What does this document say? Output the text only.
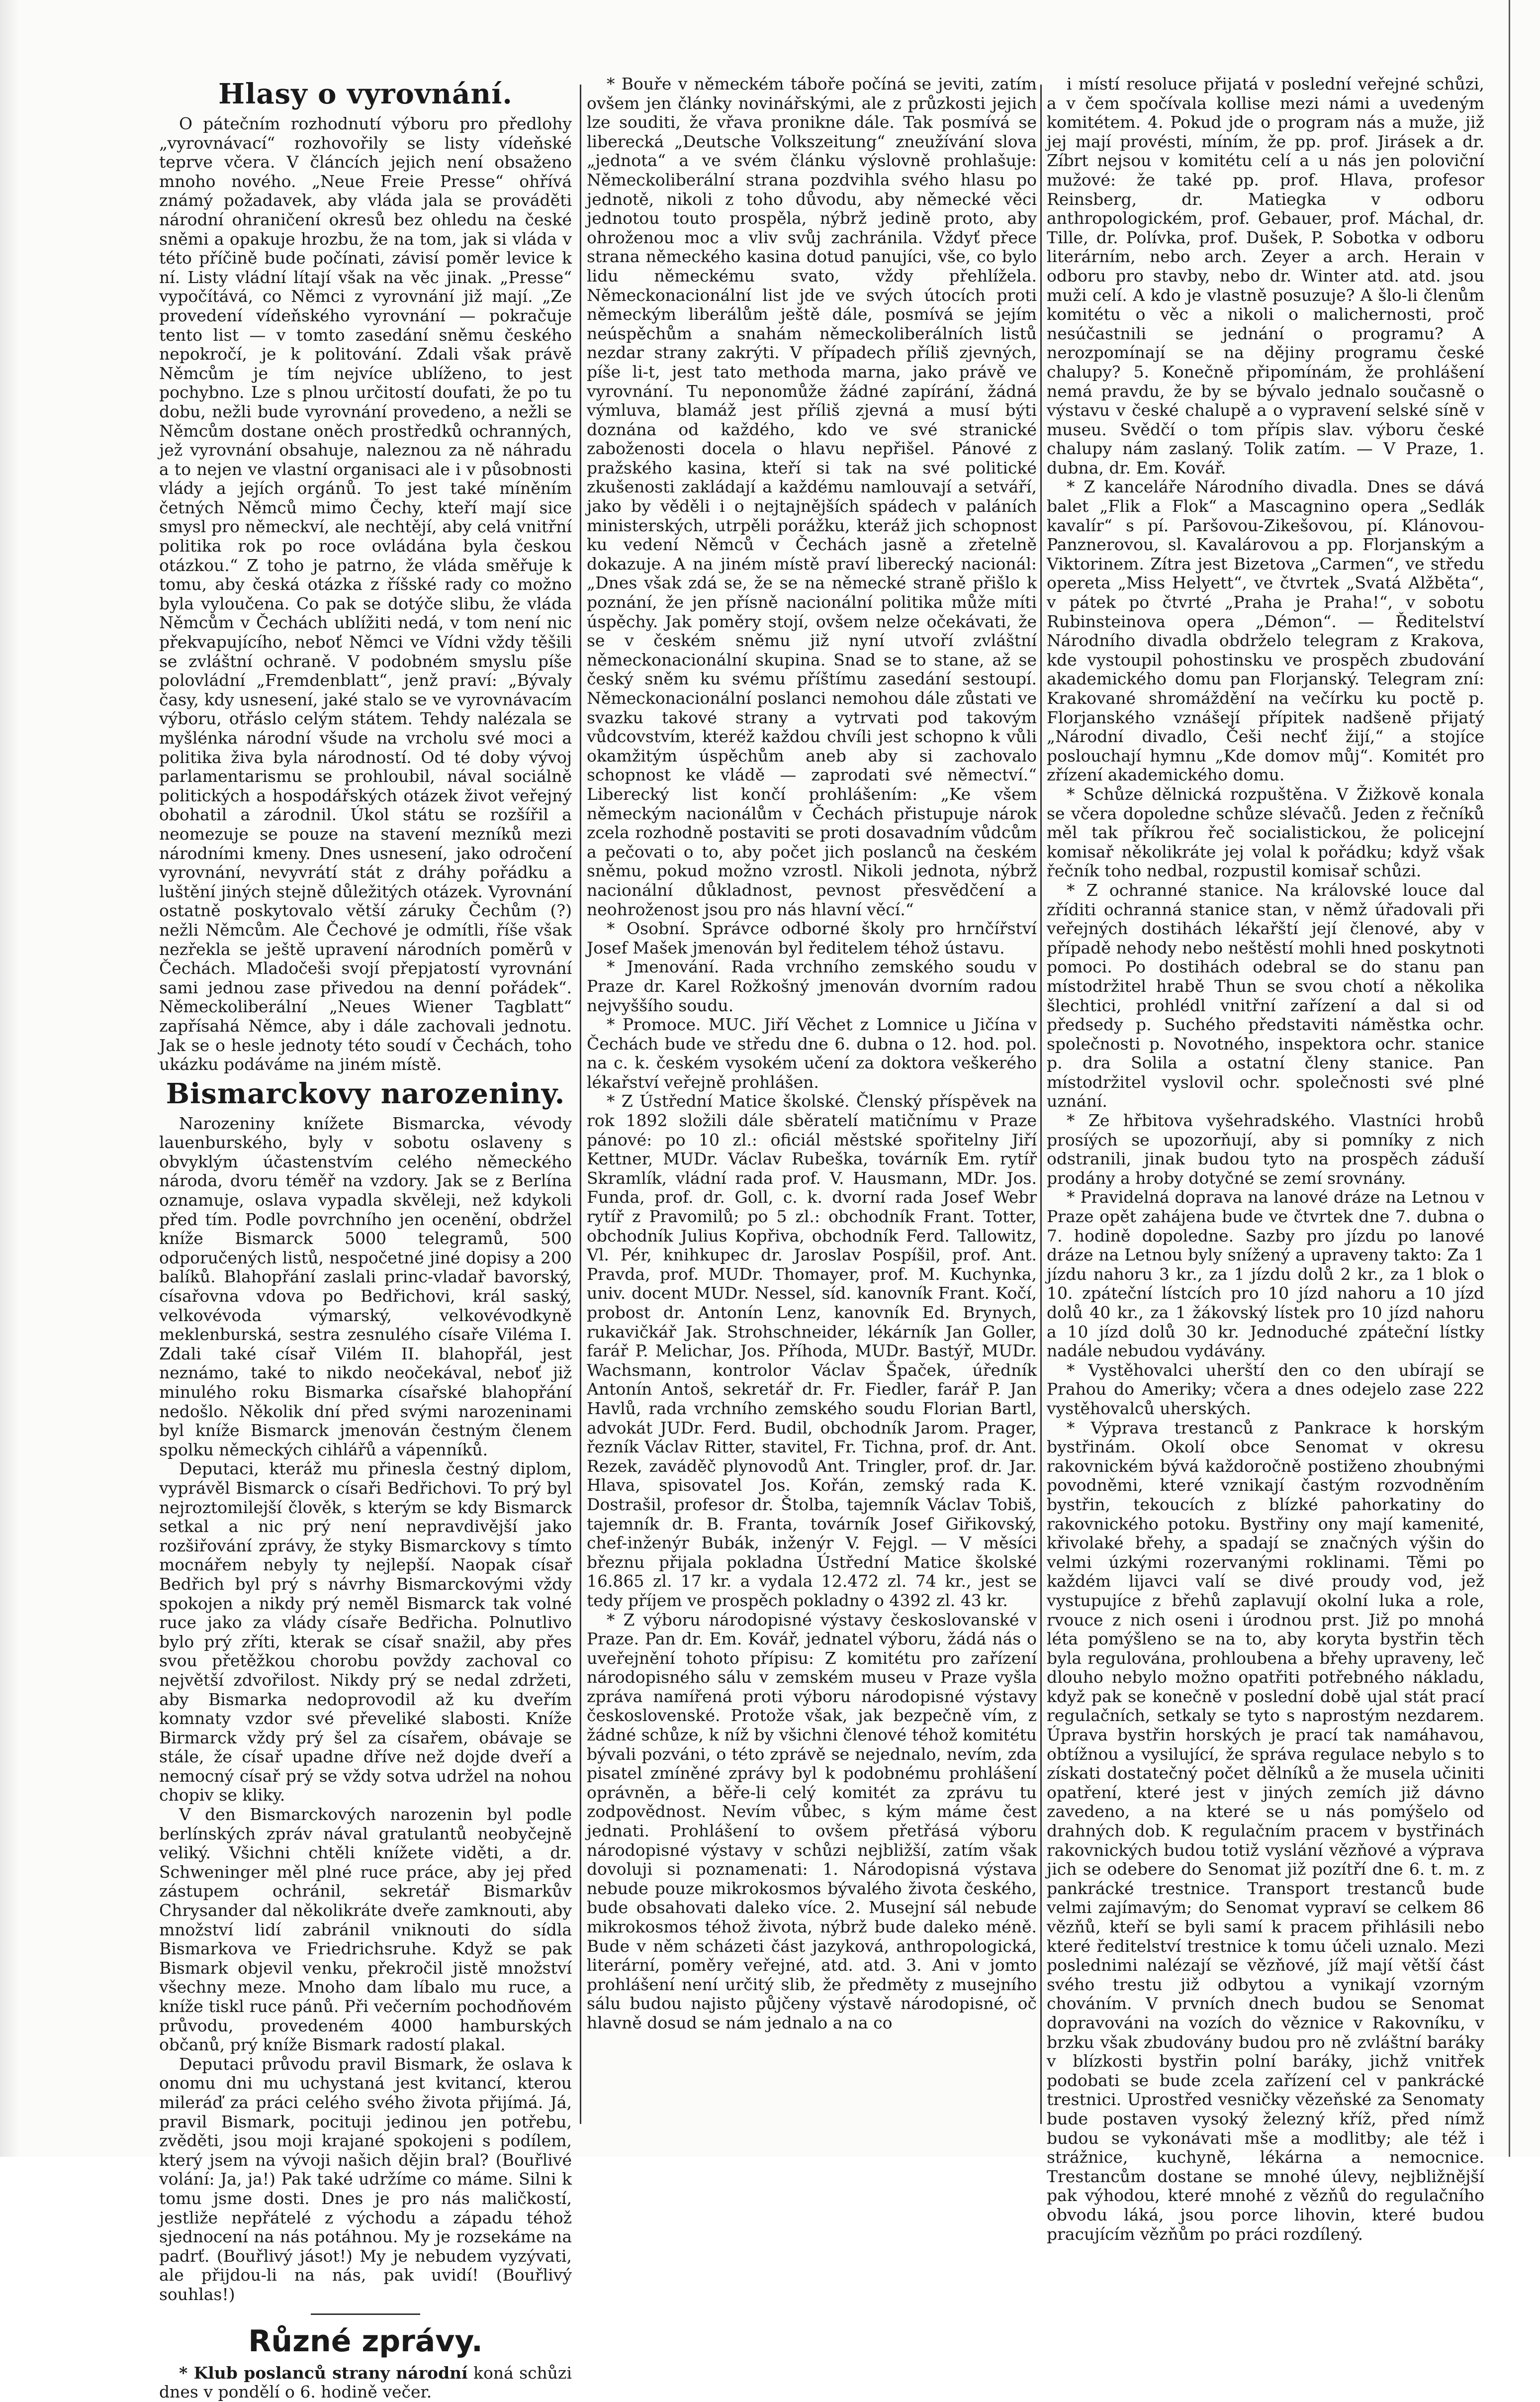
Hlasy o vyrovnání.

O pátečním rozhodnutí výboru pro předlohy „vyrovnávací“ rozhovořily se listy vídeňské teprve včera. V článcích jejich není obsaženo mnoho nového. „Neue Freie Presse“ ohřívá známý požadavek, aby vláda jala se prováděti národní ohraničení okresů bez ohledu na české sněmi a opakuje hrozbu, že na tom, jak si vláda v této příčině bude počínati, závisí poměr levice k ní. Listy vládní lítají však na věc jinak. „Presse“ vypočítává, co Němci z vyrovnání již mají. „Ze provedení vídeňského vyrovnání — pokračuje tento list — v tomto zasedání sněmu českého nepokročí, je k politování. Zdali však právě Němcům je tím nejvíce ublíženo, to jest pochybno. Lze s plnou určitostí doufati, že po tu dobu, nežli bude vyrovnání provedeno, a nežli se Němcům dostane oněch prostředků ochranných, jež vyrovnání obsahuje, naleznou za ně náhradu a to nejen ve vlastní organisaci ale i v působnosti vlády a jejích orgánů. To jest také míněním četných Němců mimo Čechy, kteří mají sice smysl pro německví, ale nechtějí, aby celá vnitřní politika rok po roce ovládána byla českou otázkou.“ Z toho je patrno, že vláda směřuje k tomu, aby česká otázka z říšské rady co možno byla vyloučena. Co pak se dotýče slibu, že vláda Němcům v Čechách ublížiti nedá, v tom není nic překvapujícího, neboť Němci ve Vídni vždy těšili se zvláštní ochraně. V podobném smyslu píše polovládní „Fremdenblatt“, jenž praví: „Bývaly časy, kdy usnesení, jaké stalo se ve vyrovnávacím výboru, otřáslo celým státem. Tehdy nalézala se myšlénka národní všude na vrcholu své moci a politika živa byla národností. Od té doby vývoj parlamentarismu se prohloubil, nával sociálně politických a hospodářských otázek život veřejný obohatil a zárodnil. Úkol státu se rozšířil a neomezuje se pouze na stavení mezníků mezi národními kmeny. Dnes usnesení, jako odročení vyrovnání, nevyvrátí stát z dráhy pořádku a luštění jiných stejně důležitých otázek. Vyrovnání ostatně poskytovalo větší záruky Čechům (?) nežli Němcům. Ale Čechové je odmítli, říše však nezřekla se ještě upravení národních poměrů v Čechách. Mladočeši svojí přepjatostí vyrovnání sami jednou zase přivedou na denní pořádek“. Německoliberální „Neues Wiener Tagblatt“ zapřísahá Němce, aby i dále zachovali jednotu. Jak se o hesle jednoty této soudí v Čechách, toho ukázku podáváme na jiném místě.

Bismarckovy narozeniny.

Narozeniny knížete Bismarcka, vévody lauenburského, byly v sobotu oslaveny s obvyklým účastenstvím celého německého národa, dvoru téměř na vzdory. Jak se z Berlína oznamuje, oslava vypadla skvěleji, než kdykoli před tím. Podle povrchního jen ocenění, obdržel kníže Bismarck 5000 telegramů, 500 odporučených listů, nespočetné jiné dopisy a 200 balíků. Blahopřání zaslali princ-vladař bavorský, císařovna vdova po Bedřichovi, král saský, velkovévoda výmarský, velkovévodkyně meklenburská, sestra zesnulého císaře Viléma I. Zdali také císař Vilém II. blahopřál, jest neznámo, také to nikdo neočekával, neboť již minulého roku Bismarka císařské blahopřání nedošlo. Několik dní před svými narozeninami byl kníže Bismarck jmenován čestným členem spolku německých cihlářů a vápenníků.

Deputaci, kteráž mu přinesla čestný diplom, vyprávěl Bismarck o císaři Bedřichovi. To prý byl nejroztomilejší člověk, s kterým se kdy Bismarck setkal a nic prý není nepravdivější jako rozšiřování zprávy, že styky Bismarckovy s tímto mocnářem nebyly ty nejlepší. Naopak císař Bedřich byl prý s návrhy Bismarckovými vždy spokojen a nikdy prý neměl Bismarck tak volné ruce jako za vlády císaře Bedřicha. Polnutlivo bylo prý zříti, kterak se císař snažil, aby přes svou přetěžkou chorobu povždy zachoval co největší zdvořilost. Nikdy prý se nedal zdržeti, aby Bismarka nedoprovodil až ku dveřím komnaty vzdor své převeliké slabosti. Kníže Birmarck vždy prý šel za císařem, obávaje se stále, že císař upadne dříve než dojde dveří a nemocný císař prý se vždy sotva udržel na nohou chopiv se kliky.

V den Bismarckových narozenin byl podle berlínských zpráv nával gratulantů neobyčejně veliký. Všichni chtěli knížete viděti, a dr. Schweninger měl plné ruce práce, aby jej před zástupem ochránil, sekretář Bismarkův Chrysander dal několikráte dveře zamknouti, aby množství lidí zabránil vniknouti do sídla Bismarkova ve Friedrichsruhe. Když se pak Bismark objevil venku, překročil jistě množství všechny meze. Mnoho dam líbalo mu ruce, a kníže tiskl ruce pánů. Při večerním pochodňovém průvodu, provedeném 4000 hamburských občanů, prý kníže Bismark radostí plakal.

Deputaci průvodu pravil Bismark, že oslava k onomu dni mu uchystaná jest kvitancí, kterou mileráď za práci celého svého života přijímá. Já, pravil Bismark, pocituji jedinou jen potřebu, zvěděti, jsou moji krajané spokojeni s podílem, který jsem na vývoji našich dějin bral? (Bouřlivé volání: Ja, ja!) Pak také udržíme co máme. Silni k tomu jsme dosti. Dnes je pro nás maličkostí, jestliže nepřátelé z východu a západu téhož sjednocení na nás potáhnou. My je rozsekáme na padrť. (Bouřlivý jásot!) My je nebudem vyzývati, ale přijdou-li na nás, pak uvidí! (Bouřlivý souhlas!)

Různé zprávy.

* Klub poslanců strany národní koná schůzi dnes v pondělí o 6. hodině večer.

* Bouře v německém táboře počíná se jeviti, zatím ovšem jen články novinářskými, ale z průzkosti jejich lze souditi, že vřava pronikne dále. Tak posmívá se liberecká „Deutsche Volkszeitung“ zneužívání slova „jednota“ a ve svém článku výslovně prohlašuje: Německoliberální strana pozdvihla svého hlasu po jednotě, nikoli z toho důvodu, aby německé věci jednotou touto prospěla, nýbrž jedině proto, aby ohroženou moc a vliv svůj zachránila. Vždyť přece strana německého kasina dotud panujíci, vše, co bylo lidu německému svato, vždy přehlížela. Německonacionální list jde ve svých útocích proti německým liberálům ještě dále, posmívá se jejím neúspěchům a snahám německoliberálních listů nezdar strany zakrýti. V případech příliš zjevných, píše li-t, jest tato methoda marna, jako právě ve vyrovnání. Tu neponomůže žádné zapírání, žádná výmluva, blamáž jest příliš zjevná a musí býti doznána od každého, kdo ve své stranické zaboženosti docela o hlavu nepřišel. Pánové z pražského kasina, kteří si tak na své politické zkušenosti zakládají a každému namlouvají a setváří, jako by věděli i o nejtajnějších spádech v paláních ministerských, utrpěli porážku, kteráž jich schopnost ku vedení Němců v Čechách jasně a zřetelně dokazuje. A na jiném místě praví liberecký nacionál: „Dnes však zdá se, že se na německé straně přišlo k poznání, že jen přísně nacionální politika může míti úspěchy. Jak poměry stojí, ovšem nelze očekávati, že se v českém sněmu již nyní utvoří zvláštní německonacionální skupina. Snad se to stane, až se český sněm ku svému příštímu zasedání sestoupí. Německonacionální poslanci nemohou dále zůstati ve svazku takové strany a vytrvati pod takovým vůdcovstvím, kteréž každou chvíli jest schopno k vůli okamžitým úspěchům aneb aby si zachovalo schopnost ke vládě — zaprodati své němectví.“ Liberecký list končí prohlášením: „Ke všem německým nacionálům v Čechách přistupuje nárok zcela rozhodně postaviti se proti dosavadním vůdcům a pečovati o to, aby počet jich poslanců na českém sněmu, pokud možno vzrostl. Nikoli jednota, nýbrž nacionální důkladnost, pevnost přesvědčení a neohroženost jsou pro nás hlavní věcí.“

* Osobní. Správce odborné školy pro hrnčířství Josef Mašek jmenován byl ředitelem téhož ústavu.

* Jmenování. Rada vrchního zemského soudu v Praze dr. Karel Rožkošný jmenován dvorním radou nejvyššího soudu.

* Promoce. MUC. Jiří Věchet z Lomnice u Jičína v Čechách bude ve středu dne 6. dubna o 12. hod. pol. na c. k. českém vysokém učení za doktora veškerého lékařství veřejně prohlášen.

* Z Ústřední Matice školské. Členský příspěvek na rok 1892 složili dále sběratelí matičnímu v Praze pánové: po 10 zl.: oficiál městské spořitelny Jiří Kettner, MUDr. Václav Rubeška, továrník Em. rytíř Skramlík, vládní rada prof. V. Hausmann, MDr. Jos. Funda, prof. dr. Goll, c. k. dvorní rada Josef Webr rytíř z Pravomilů; po 5 zl.: obchodník Frant. Totter, obchodník Julius Kopřiva, obchodník Ferd. Tallowitz, Vl. Pér, knihkupec dr. Jaroslav Pospíšil, prof. Ant. Pravda, prof. MUDr. Thomayer, prof. M. Kuchynka, univ. docent MUDr. Nessel, síd. kanovník Frant. Kočí, probost dr. Antonín Lenz, kanovník Ed. Brynych, rukavičkář Jak. Strohschneider, lékárník Jan Goller, farář P. Melichar, Jos. Příhoda, MUDr. Bastýř, MUDr. Wachsmann, kontrolor Václav Špaček, úředník Antonín Antoš, sekretář dr. Fr. Fiedler, farář P. Jan Havlů, rada vrchního zemského soudu Florian Bartl, advokát JUDr. Ferd. Budil, obchodník Jarom. Prager, řezník Václav Ritter, stavitel, Fr. Tichna, prof. dr. Ant. Rezek, zaváděč plynovodů Ant. Tringler, prof. dr. Jar. Hlava, spisovatel Jos. Kořán, zemský rada K. Dostrašil, profesor dr. Štolba, tajemník Václav Tobiš, tajemník dr. B. Franta, továrník Josef Giřikovský, chef-inženýr Bubák, inženýr V. Fejgl. — V měsíci březnu přijala pokladna Ústřední Matice školské 16.865 zl. 17 kr. a vydala 12.472 zl. 74 kr., jest se tedy příjem ve prospěch pokladny o 4392 zl. 43 kr.

* Z výboru národopisné výstavy českoslovanské v Praze. Pan dr. Em. Kovář, jednatel výboru, žádá nás o uveřejnění tohoto přípisu: Z komitétu pro zařízení národopisného sálu v zemském museu v Praze vyšla zpráva namířená proti výboru národopisné výstavy československé. Protože však, jak bezpečně vím, z žádné schůze, k níž by všichni členové téhož komitétu bývali pozváni, o této zprávě se nejednalo, nevím, zda pisatel zmíněné zprávy byl k podobnému prohlášení oprávněn, a běře-li celý komitét za zprávu tu zodpovědnost. Nevím vůbec, s kým máme čest jednati. Prohlášení to ovšem přetřásá výboru národopisné výstavy v schůzi nejbližší, zatím však dovoluji si poznamenati: 1. Národopisná výstava nebude pouze mikrokosmos bývalého života českého, bude obsahovati daleko více. 2. Musejní sál nebude mikrokosmos téhož života, nýbrž bude daleko méně. Bude v něm scházeti část jazyková, anthropologická, literární, poměry veřejné, atd. atd. 3. Ani v jomto prohlášení není určitý slib, že předměty z musejního sálu budou najisto půjčeny výstavě národopisné, oč hlavně dosud se nám jednalo a na co

i místí resoluce přijatá v poslední veřejné schůzi, a v čem spočívala kollise mezi námi a uvedeným komitétem. 4. Pokud jde o program nás a muže, již jej mají provésti, míním, že pp. prof. Jirásek a dr. Zíbrt nejsou v komitétu celí a u nás jen poloviční mužové: že také pp. prof. Hlava, profesor Reinsberg, dr. Matiegka v odboru anthropologickém, prof. Gebauer, prof. Máchal, dr. Tille, dr. Polívka, prof. Dušek, P. Sobotka v odboru literárním, nebo arch. Zeyer a arch. Herain v odboru pro stavby, nebo dr. Winter atd. atd. jsou muži celí. A kdo je vlastně posuzuje? A šlo-li členům komitétu o věc a nikoli o malichernosti, proč nesúčastnili se jednání o programu? A nerozpomínají se na dějiny programu české chalupy? 5. Konečně připomínám, že prohlášení nemá pravdu, že by se bývalo jednalo současně o výstavu v české chalupě a o vypravení selské síně v museu. Svědčí o tom přípis slav. výboru české chalupy nám zaslaný. Tolik zatím. — V Praze, 1. dubna, dr. Em. Kovář.

* Z kanceláře Národního divadla. Dnes se dává balet „Flik a Flok“ a Mascagnino opera „Sedlák kavalír“ s pí. Paršovou-Zikešovou, pí. Klánovou-Panznerovou, sl. Kavalárovou a pp. Florjanským a Viktorinem. Zítra jest Bizetova „Carmen“, ve středu opereta „Miss Helyett“, ve čtvrtek „Svatá Alžběta“, v pátek po čtvrté „Praha je Praha!“, v sobotu Rubinsteinova opera „Démon“. — Ředitelství Národního divadla obdrželo telegram z Krakova, kde vystoupil pohostinsku ve prospěch zbudování akademického domu pan Florjanský. Telegram zní: Krakované shromáždění na večírku ku poctě p. Florjanského vznášejí přípitek nadšeně přijatý „Národní divadlo, Češi nechť žijí,“ a stojíce poslouchají hymnu „Kde domov můj“. Komitét pro zřízení akademického domu.

* Schůze dělnická rozpuštěna. V Žižkově konala se včera dopoledne schůze slévačů. Jeden z řečníků měl tak příkrou řeč socialistickou, že policejní komisař několikráte jej volal k pořádku; když však řečník toho nedbal, rozpustil komisař schůzi.

* Z ochranné stanice. Na královské louce dal zříditi ochranná stanice stan, v němž úřadovali při veřejných dostihách lékařští její členové, aby v případě nehody nebo neštěstí mohli hned poskytnoti pomoci. Po dostihách odebral se do stanu pan místodržitel hrabě Thun se svou chotí a několika šlechtici, prohlédl vnitřní zařízení a dal si od předsedy p. Suchého představiti náměstka ochr. společnosti p. Novotného, inspektora ochr. stanice p. dra Solila a ostatní členy stanice. Pan místodržitel vyslovil ochr. společnosti své plné uznání.

* Ze hřbitova vyšehradského. Vlastníci hrobů prosíých se upozorňují, aby si pomníky z nich odstranili, jinak budou tyto na prospěch záduší prodány a hroby dotyčné se zemí srovnány.

* Pravidelná doprava na lanové dráze na Letnou v Praze opět zahájena bude ve čtvrtek dne 7. dubna o 7. hodině dopoledne. Sazby pro jízdu po lanové dráze na Letnou byly snížený a upraveny takto: Za 1 jízdu nahoru 3 kr., za 1 jízdu dolů 2 kr., za 1 blok o 10. zpáteční lístcích pro 10 jízd nahoru a 10 jízd dolů 40 kr., za 1 žákovský lístek pro 10 jízd nahoru a 10 jízd dolů 30 kr. Jednoduché zpáteční lístky nadále nebudou vydávány.

* Vystěhovalci uherští den co den ubírají se Prahou do Ameriky; včera a dnes odejelo zase 222 vystěhovalců uherských.

* Výprava trestanců z Pankrace k horským bystřinám. Okolí obce Senomat v okresu rakovnickém bývá každoročně postiženo zhoubnými povodněmi, které vznikají častým rozvodněním bystřin, tekoucích z blízké pahorkatiny do rakovnického potoku. Bystřiny ony mají kamenité, křivolaké břehy, a spadají se značných výšin do velmi úzkými rozervanými roklinami. Těmi po každém lijavci valí se divé proudy vod, jež vystupujíce z břehů zaplavují okolní luka a role, rvouce z nich oseni i úrodnou prst. Již po mnohá léta pomýšleno se na to, aby koryta bystřin těch byla regulována, prohloubena a břehy upraveny, leč dlouho nebylo možno opatřiti potřebného nákladu, když pak se konečně v poslední době ujal stát prací regulačních, setkaly se tyto s naprostým nezdarem. Úprava bystřin horských je prací tak namáhavou, obtížnou a vysilující, že správa regulace nebylo s to získati dostatečný počet dělníků a že musela učiniti opatření, které jest v jiných zemích již dávno zavedeno, a na které se u nás pomýšelo od drahných dob. K regulačním pracem v bystřinách rakovnických budou totiž vyslání vězňové a výprava jich se odebere do Senomat již pozítří dne 6. t. m. z pankrácké trestnice. Transport trestanců bude velmi zajímavým; do Senomat vypraví se celkem 86 vězňů, kteří se byli samí k pracem přihlásili nebo které ředitelství trestnice k tomu účeli uznalo. Mezi poslednimi nalézají se vězňové, jíž mají větší část svého trestu již odbytou a vynikají vzorným chováním. V prvních dnech budou se Senomat dopravováni na vozích do věznice v Rakovníku, v brzku však zbudovány budou pro ně zvláštní baráky v blízkosti bystřin polní baráky, jichž vnitřek podobati se bude zcela zařízení cel v pankrácké trestnici. Uprostřed vesničky vězeňské za Senomaty bude postaven vysoký železný kříž, před nímž budou se vykonávati mše a modlitby; ale též i strážnice, kuchyně, lékárna a nemocnice. Trestancům dostane se mnohé úlevy, nejbližnější pak výhodou, které mnohé z vězňů do regulačního obvodu láká, jsou porce lihovin, které budou pracujícím vězňům po práci rozdílený.
